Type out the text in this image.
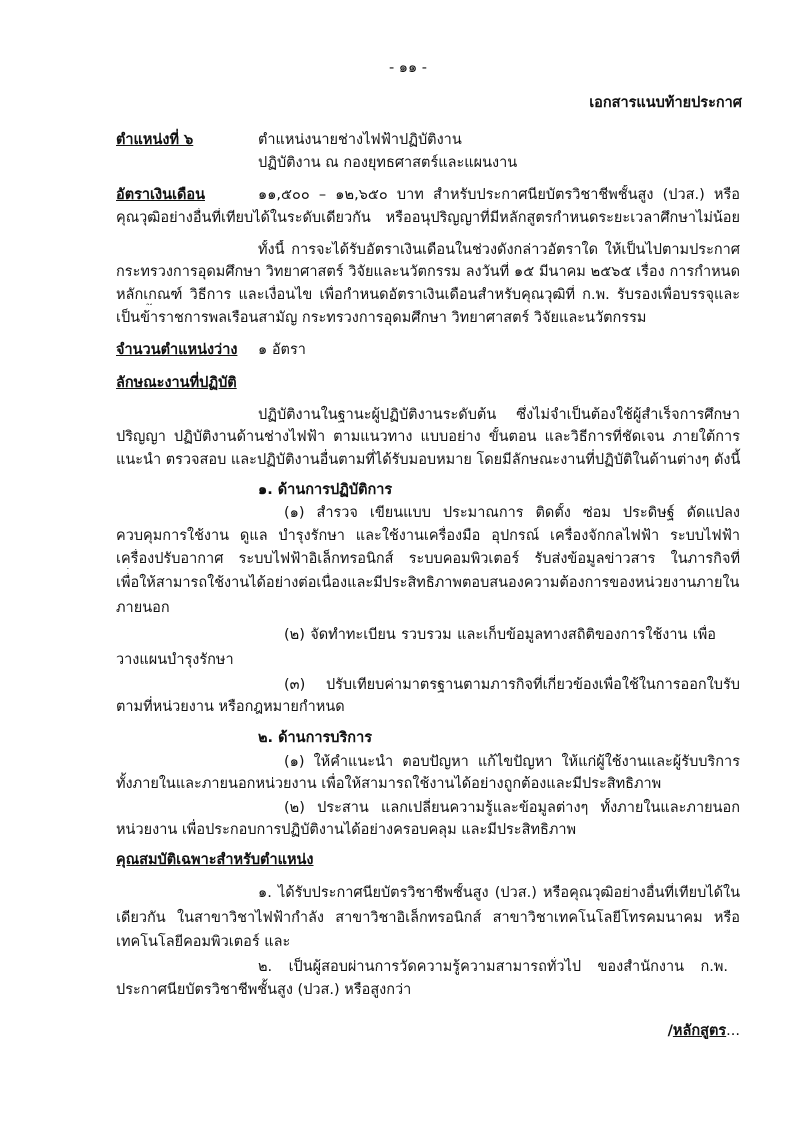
- ๑๑ -
เอกสารแนบท้ายประกาศ
ตำแหน่งที่ ๖	ตำแหน่งนายช่างไฟฟ้าปฏิบัติงาน
ปฏิบัติงาน ณ กองยุทธศาสตร์และแผนงาน
อัตราเงินเดือน	๑๑,๕๐๐ – ๑๒,๖๕๐ บาท สำหรับประกาศนียบัตรวิชาชีพชั้นสูง (ปวส.) หรือ
คุณวุฒิอย่างอื่นที่เทียบได้ในระดับเดียวกัน หรืออนุปริญญาที่มีหลักสูตรกำหนดระยะเวลาศึกษาไม่น้อย
ทั้งนี้ การจะได้รับอัตราเงินเดือนในช่วงดังกล่าวอัตราใด ให้เป็นไปตามประกาศ
กระทรวงการอุดมศึกษา วิทยาศาสตร์ วิจัยและนวัตกรรม ลงวันที่ ๑๕ มีนาคม ๒๕๖๕ เรื่อง การกำหนด
หลักเกณฑ์ วิธีการ และเงื่อนไข เพื่อกำหนดอัตราเงินเดือนสำหรับคุณวุฒิที่ ก.พ. รับรองเพื่อบรรจุและ
เป็นข้าราชการพลเรือนสามัญ กระทรวงการอุดมศึกษา วิทยาศาสตร์ วิจัยและนวัตกรรม
จำนวนตำแหน่งว่าง ๑ อัตรา
ลักษณะงานที่ปฏิบัติ
ปฏิบัติงานในฐานะผู้ปฏิบัติงานระดับต้น ซึ่งไม่จำเป็นต้องใช้ผู้สำเร็จการศึกษา
ปริญญา ปฏิบัติงานด้านช่างไฟฟ้า ตามแนวทาง แบบอย่าง ขั้นตอน และวิธีการที่ชัดเจน ภายใต้การ
แนะนำ ตรวจสอบ และปฏิบัติงานอื่นตามที่ได้รับมอบหมาย โดยมีลักษณะงานที่ปฏิบัติในด้านต่างๆ ดังนี้
๑. ด้านการปฏิบัติการ
(๑) สำรวจ เขียนแบบ ประมาณการ ติดตั้ง ซ่อม ประดิษฐ์ ดัดแปลง
ควบคุมการใช้งาน ดูแล บำรุงรักษา และใช้งานเครื่องมือ อุปกรณ์ เครื่องจักกลไฟฟ้า ระบบไฟฟ้า
เครื่องปรับอากาศ ระบบไฟฟ้าอิเล็กทรอนิกส์ ระบบคอมพิวเตอร์ รับส่งข้อมูลข่าวสาร ในภารกิจที่
เพื่อให้สามารถใช้งานได้อย่างต่อเนื่องและมีประสิทธิภาพตอบสนองความต้องการของหน่วยงานภายใน
ภายนอก
(๒) จัดทำทะเบียน รวบรวม และเก็บข้อมูลทางสถิติของการใช้งาน เพื่อ
วางแผนบำรุงรักษา
(๓) ปรับเทียบค่ามาตรฐานตามภารกิจที่เกี่ยวข้องเพื่อใช้ในการออกใบรับ
ตามที่หน่วยงาน หรือกฎหมายกำหนด
๒. ด้านการบริการ
(๑) ให้คำแนะนำ ตอบปัญหา แก้ไขปัญหา ให้แก่ผู้ใช้งานและผู้รับบริการ
ทั้งภายในและภายนอกหน่วยงาน เพื่อให้สามารถใช้งานได้อย่างถูกต้องและมีประสิทธิภาพ
(๒) ประสาน แลกเปลี่ยนความรู้และข้อมูลต่างๆ ทั้งภายในและภายนอก
หน่วยงาน เพื่อประกอบการปฏิบัติงานได้อย่างครอบคลุม และมีประสิทธิภาพ
คุณสมบัติเฉพาะสำหรับตำแหน่ง
๑. ได้รับประกาศนียบัตรวิชาชีพชั้นสูง (ปวส.) หรือคุณวุฒิอย่างอื่นที่เทียบได้ใน
เดียวกัน ในสาขาวิชาไฟฟ้ากำลัง สาขาวิชาอิเล็กทรอนิกส์ สาขาวิชาเทคโนโลยีโทรคมนาคม หรือ
เทคโนโลยีคอมพิวเตอร์ และ
๒. เป็นผู้สอบผ่านการวัดความรู้ความสามารถทั่วไป ของสำนักงาน ก.พ.
ประกาศนียบัตรวิชาชีพชั้นสูง (ปวส.) หรือสูงกว่า
/หลักสูตร...
